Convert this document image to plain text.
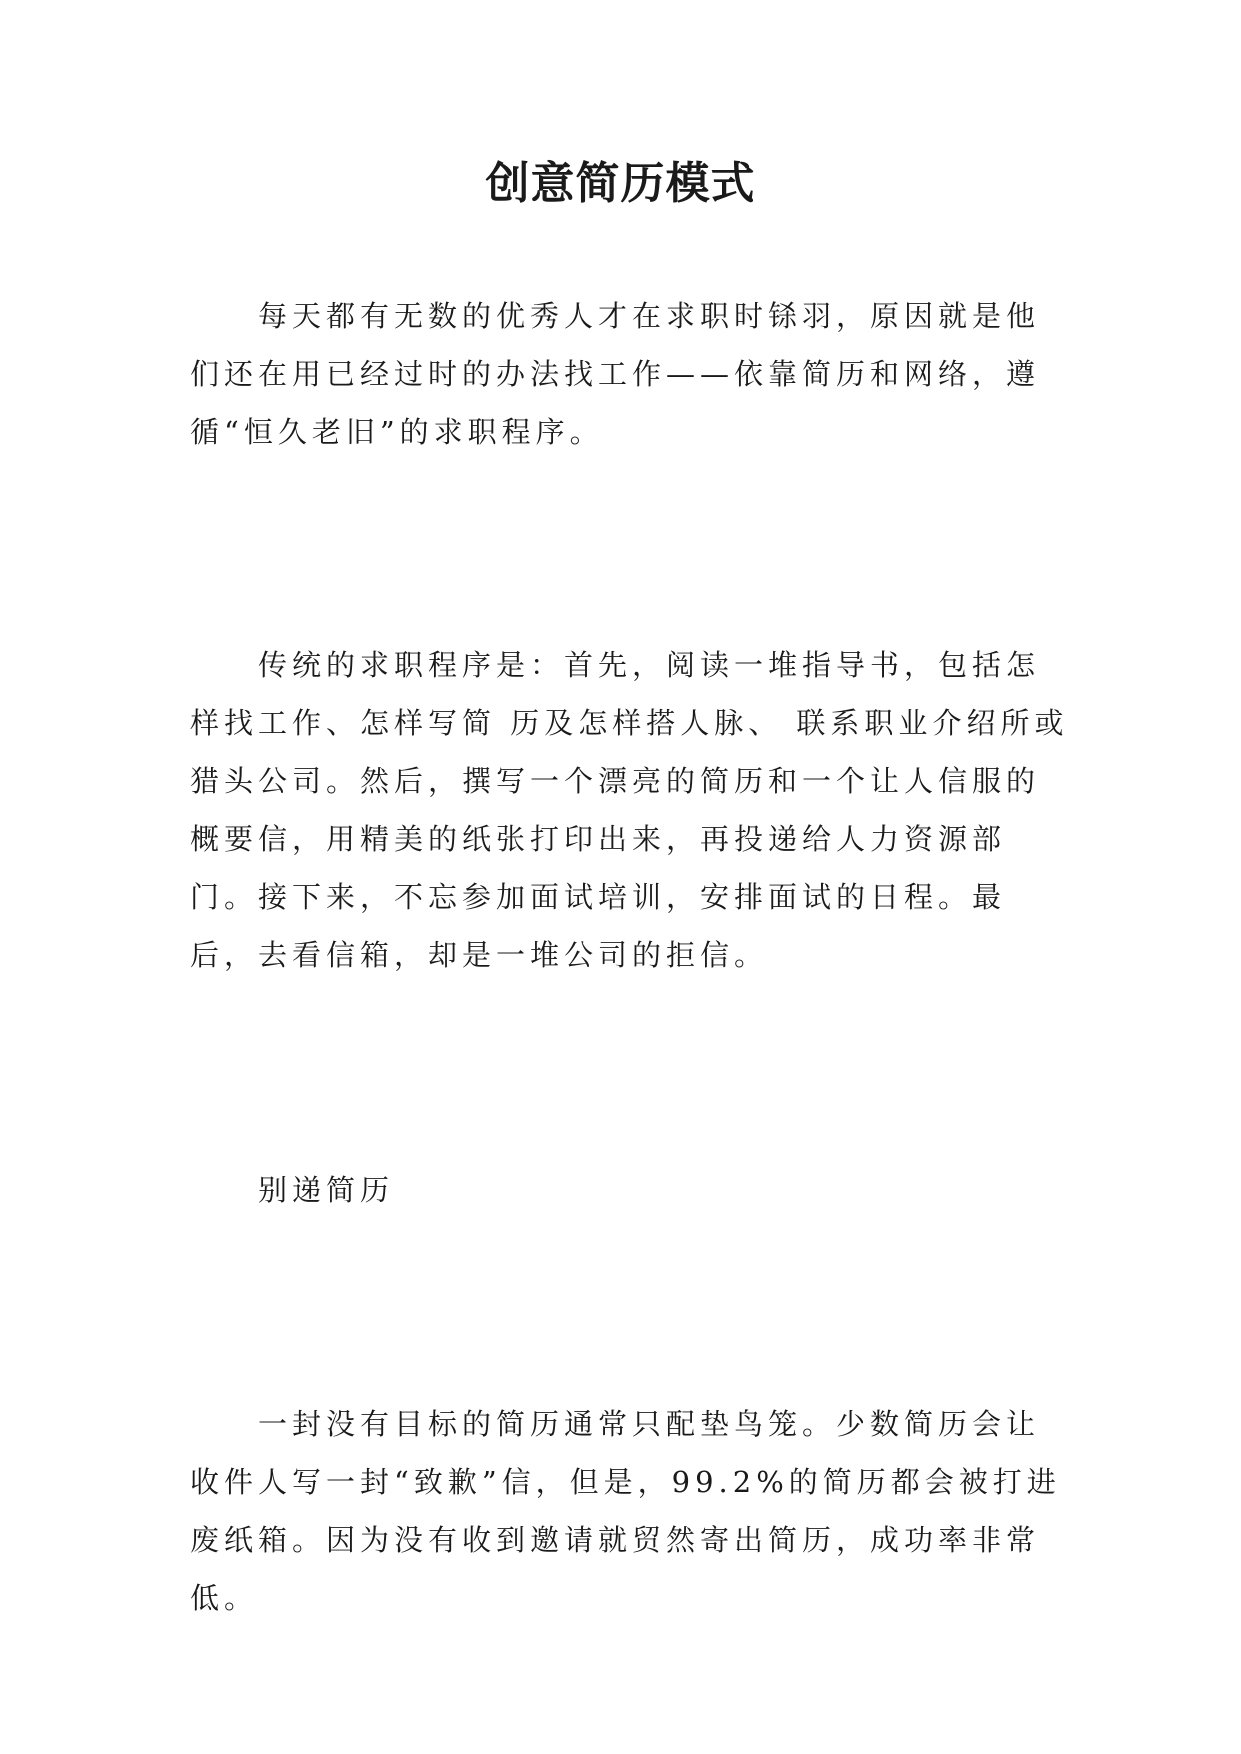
创意简历模式

每天都有无数的优秀人才在求职时铩羽，原因就是他们还在用已经过时的办法找工作——依靠简历和网络，遵循“恒久老旧”的求职程序。

传统的求职程序是：首先，阅读一堆指导书，包括怎样找工作、怎样写简 历及怎样搭人脉、 联系职业介绍所或猎头公司。然后，撰写一个漂亮的简历和一个让人信服的概要信，用精美的纸张打印出来，再投递给人力资源部门。接下来，不忘参加面试培训，安排面试的日程。最后，去看信箱，却是一堆公司的拒信。

别递简历

一封没有目标的简历通常只配垫鸟笼。少数简历会让收件人写一封“致歉”信，但是，99.2%的简历都会被打进废纸箱。因为没有收到邀请就贸然寄出简历，成功率非常低。
